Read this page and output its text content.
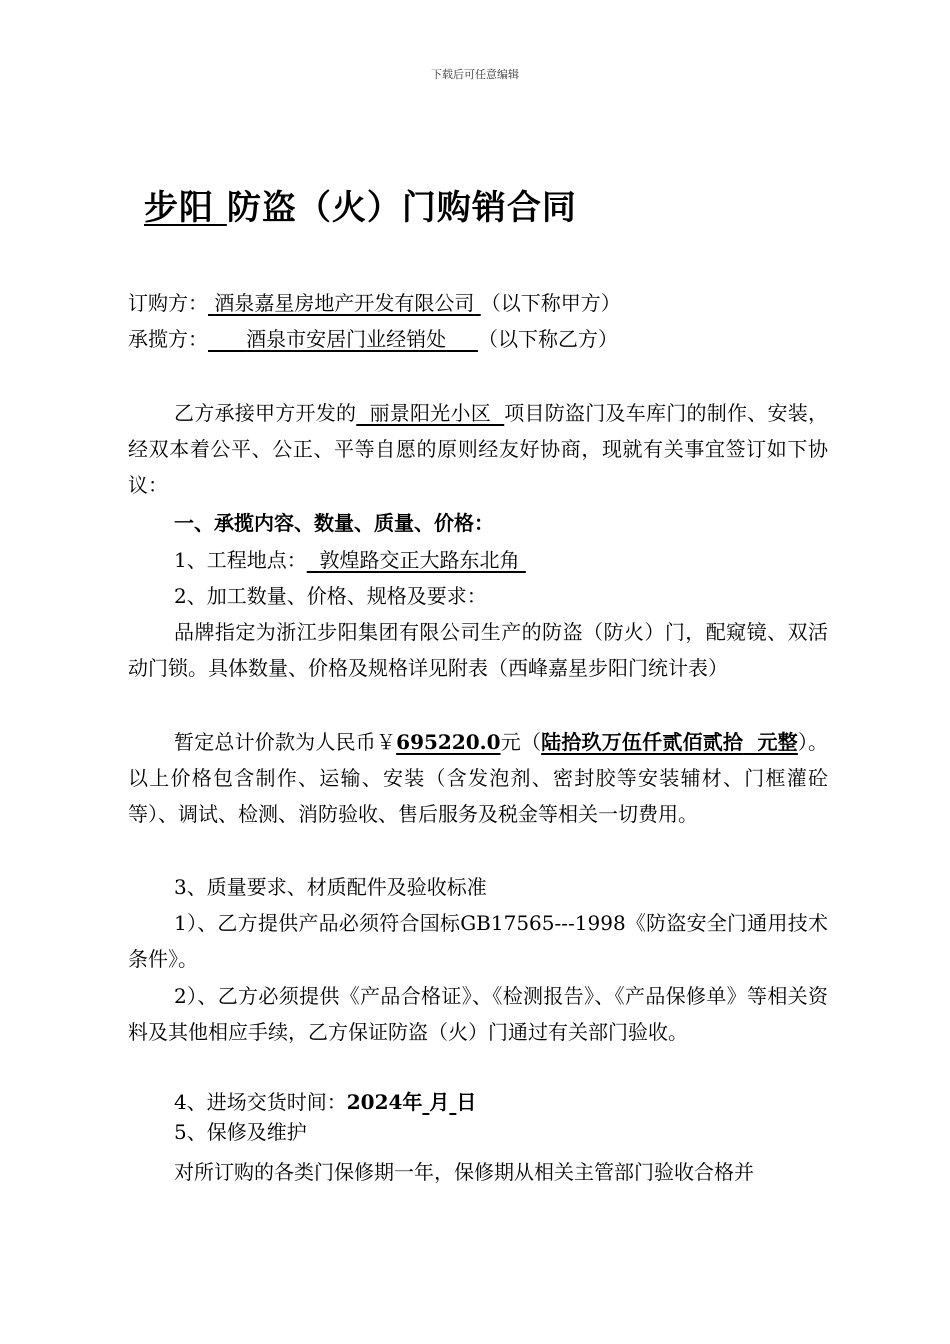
下载后可任意编辑
步阳 防盗（火）门购销合同
订购方： 酒泉嘉星房地产开发有限公司 （以下称甲方）
承揽方： 酒泉市安居门业经销处 （以下称乙方）
乙方承接甲方开发的 丽景阳光小区 项目防盗门及车库门的制作、安装，经双本着公平、公正、平等自愿的原则经友好协商，现就有关事宜签订如下协议：
一、承揽内容、数量、质量、价格：
1、工程地点： 敦煌路交正大路东北角
2、加工数量、价格、规格及要求：
品牌指定为浙江步阳集团有限公司生产的防盗（防火）门，配窥镜、双活动门锁。具体数量、价格及规格详见附表（西峰嘉星步阳门统计表）
暂定总计价款为人民币￥695220.0元（陆拾玖万伍仟贰佰贰拾 元整）。以上价格包含制作、运输、安装（含发泡剂、密封胶等安装辅材、门框灌砼等）、调试、检测、消防验收、售后服务及税金等相关一切费用。
3、质量要求、材质配件及验收标准
1）、乙方提供产品必须符合国标GB17565---1998《防盗安全门通用技术条件》。
2）、乙方必须提供《产品合格证》、《检测报告》、《产品保修单》等相关资料及其他相应手续，乙方保证防盗（火）门通过有关部门验收。
4、进场交货时间：2024年 月 日
5、保修及维护
对所订购的各类门保修期一年，保修期从相关主管部门验收合格并
